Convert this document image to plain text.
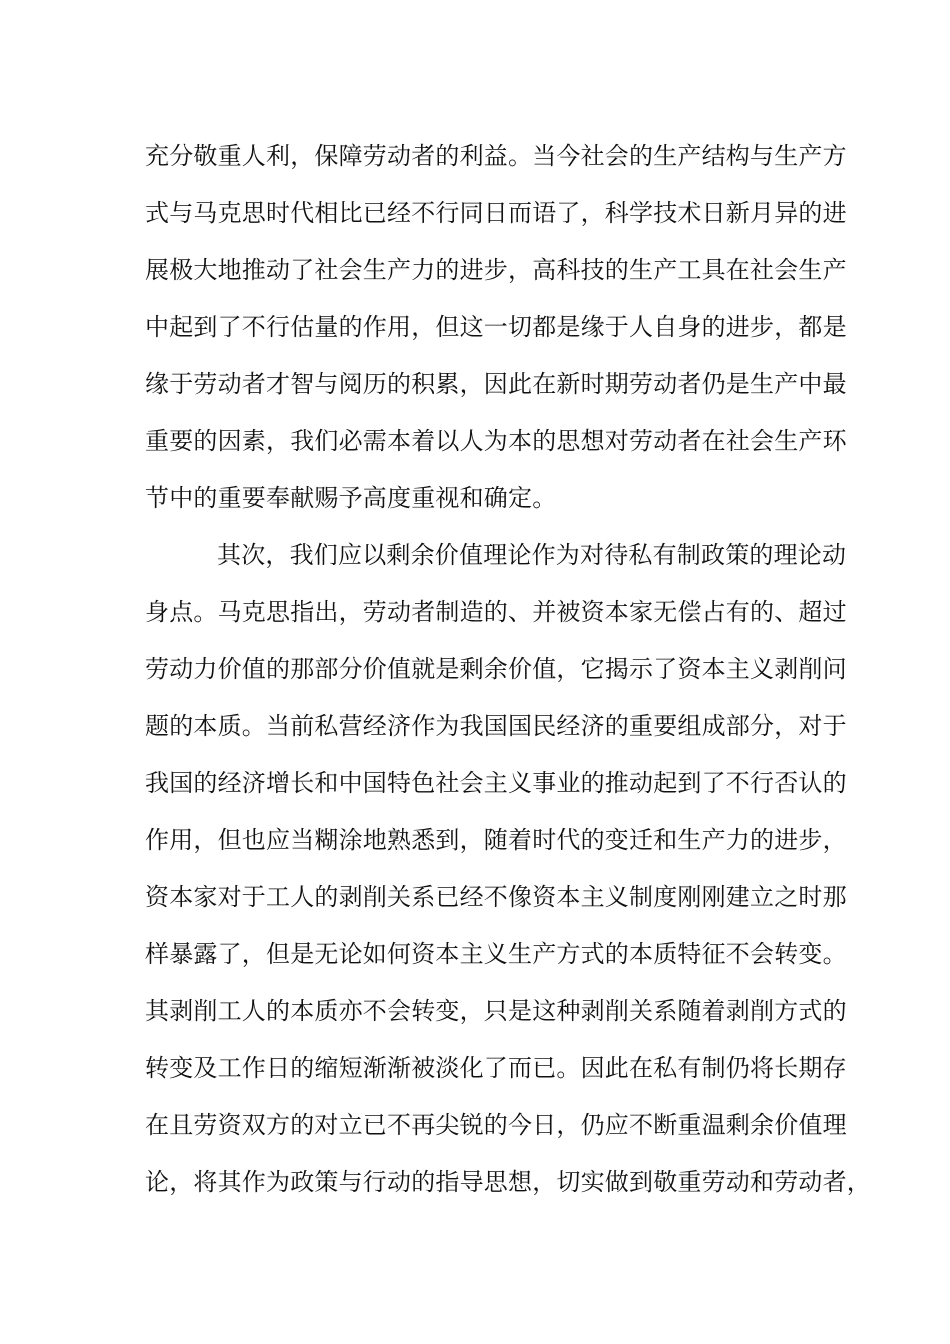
充分敬重人利，保障劳动者的利益。当今社会的生产结构与生产方
式与马克思时代相比已经不行同日而语了，科学技术日新月异的进
展极大地推动了社会生产力的进步，高科技的生产工具在社会生产
中起到了不行估量的作用，但这一切都是缘于人自身的进步，都是
缘于劳动者才智与阅历的积累，因此在新时期劳动者仍是生产中最
重要的因素，我们必需本着以人为本的思想对劳动者在社会生产环
节中的重要奉献赐予高度重视和确定。
其次，我们应以剩余价值理论作为对待私有制政策的理论动
身点。马克思指出，劳动者制造的、并被资本家无偿占有的、超过
劳动力价值的那部分价值就是剩余价值，它揭示了资本主义剥削问
题的本质。当前私营经济作为我国国民经济的重要组成部分，对于
我国的经济增长和中国特色社会主义事业的推动起到了不行否认的
作用，但也应当糊涂地熟悉到，随着时代的变迁和生产力的进步，
资本家对于工人的剥削关系已经不像资本主义制度刚刚建立之时那
样暴露了，但是无论如何资本主义生产方式的本质特征不会转变。
其剥削工人的本质亦不会转变，只是这种剥削关系随着剥削方式的
转变及工作日的缩短渐渐被淡化了而已。因此在私有制仍将长期存
在且劳资双方的对立已不再尖锐的今日，仍应不断重温剩余价值理
论，将其作为政策与行动的指导思想，切实做到敬重劳动和劳动者，
